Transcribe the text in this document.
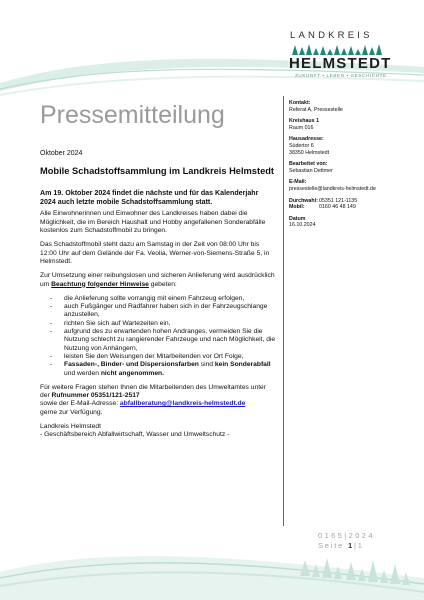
LANDKREIS
HELMSTEDT
ZUKUNFT • LEBEN • GESCHICHTE
Pressemitteilung

Oktober 2024

Mobile Schadstoffsammlung im Landkreis Helmstedt

Am 19. Oktober 2024 findet die nächste und für das Kalenderjahr 2024 auch letzte mobile Schadstoffsammlung statt.

Alle Einwohnerinnen und Einwohner des Landkreises haben dabei die Möglichkeit, die im Bereich Haushalt und Hobby angefallenen Sonderabfälle kostenlos zum Schadstoffmobil zu bringen.

Das Schadstoffmobil steht dazu am Samstag in der Zeit von 08:00 Uhr bis 12:00 Uhr auf dem Gelände der Fa. Veolia, Werner-von-Siemens-Straße 5, in Helmstedt.

Zur Umsetzung einer reibungslosen und sicheren Anlieferung wird ausdrücklich um Beachtung folgender Hinweise gebeten:

- die Anlieferung sollte vorrangig mit einem Fahrzeug erfolgen,
- auch Fußgänger und Radfahrer haben sich in der Fahrzeugschlange anzustellen,
- richten Sie sich auf Wartezeiten ein,
- aufgrund des zu erwartenden hohen Andranges, vermeiden Sie die Nutzung schlecht zu rangierender Fahrzeuge und nach Möglichkeit, die Nutzung von Anhängern,
- leisten Sie den Weisungen der Mitarbeitenden vor Ort Folge,
- Fassaden-, Binder- und Dispersionsfarben sind kein Sonderabfall und werden nicht angenommen.

Für weitere Fragen stehen Ihnen die Mitarbeitenden des Umweltamtes unter der Rufnummer 05351/121-2517
sowie der E-Mail-Adresse: abfallberatung@landkreis-helmstedt.de
gerne zur Verfügung.

Landkreis Helmstedt

- Geschäftsbereich Abfallwirtschaft, Wasser und Umweltschutz -

Kontakt:
Referat A, Pressestelle
Kreishaus 1
Raum 016
Hausadresse:
Südertor 6
38350 Helmstedt
Bearbeitet von:
Sebastian Dettmer
E-Mail:
pressestelle@landkreis-helmstedt.de
Durchwahl: 05351 121-1135
Mobil:	0160 46 48 149
Datum
16.10.2024
0165|2024
Seite 1|1
